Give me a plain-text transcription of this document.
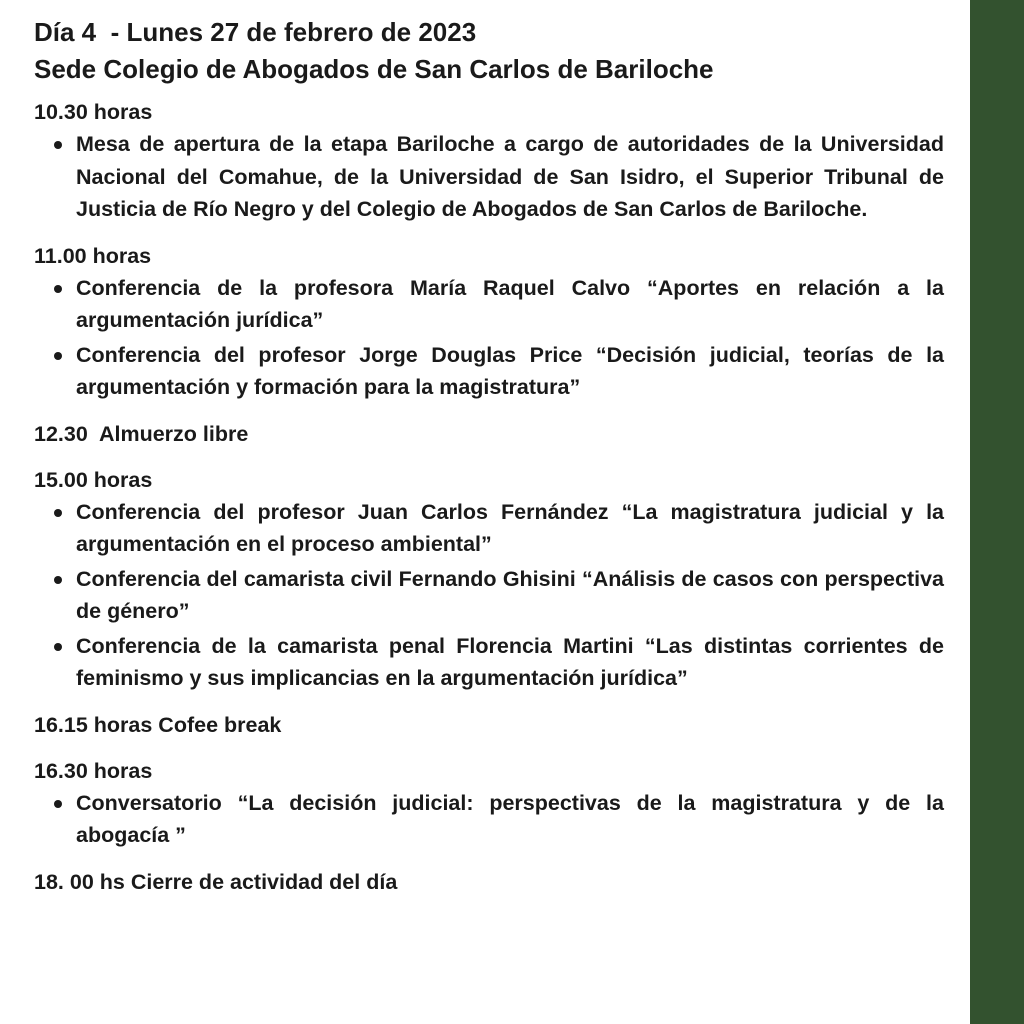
Día 4  - Lunes 27 de febrero de 2023
Sede Colegio de Abogados de San Carlos de Bariloche
10.30 horas
Mesa de apertura de la etapa Bariloche a cargo de autoridades de la Universidad Nacional del Comahue, de la Universidad de San Isidro, el Superior Tribunal de Justicia de Río Negro y del Colegio de Abogados de San Carlos de Bariloche.
11.00 horas
Conferencia de la profesora María Raquel Calvo “Aportes en relación a la argumentación jurídica”
Conferencia del profesor Jorge Douglas Price “Decisión judicial, teorías de la argumentación y formación para la magistratura”
12.30  Almuerzo libre
15.00 horas
Conferencia del profesor Juan Carlos Fernández “La magistratura judicial y la argumentación en el proceso ambiental”
Conferencia del camarista civil Fernando Ghisini “Análisis de casos con perspectiva de género”
Conferencia de la camarista penal Florencia Martini “Las distintas corrientes de feminismo y sus implicancias en la argumentación jurídica”
16.15 horas Cofee break
16.30 horas
Conversatorio “La decisión judicial: perspectivas de la magistratura y de la abogacía ”
18. 00 hs Cierre de actividad del día
